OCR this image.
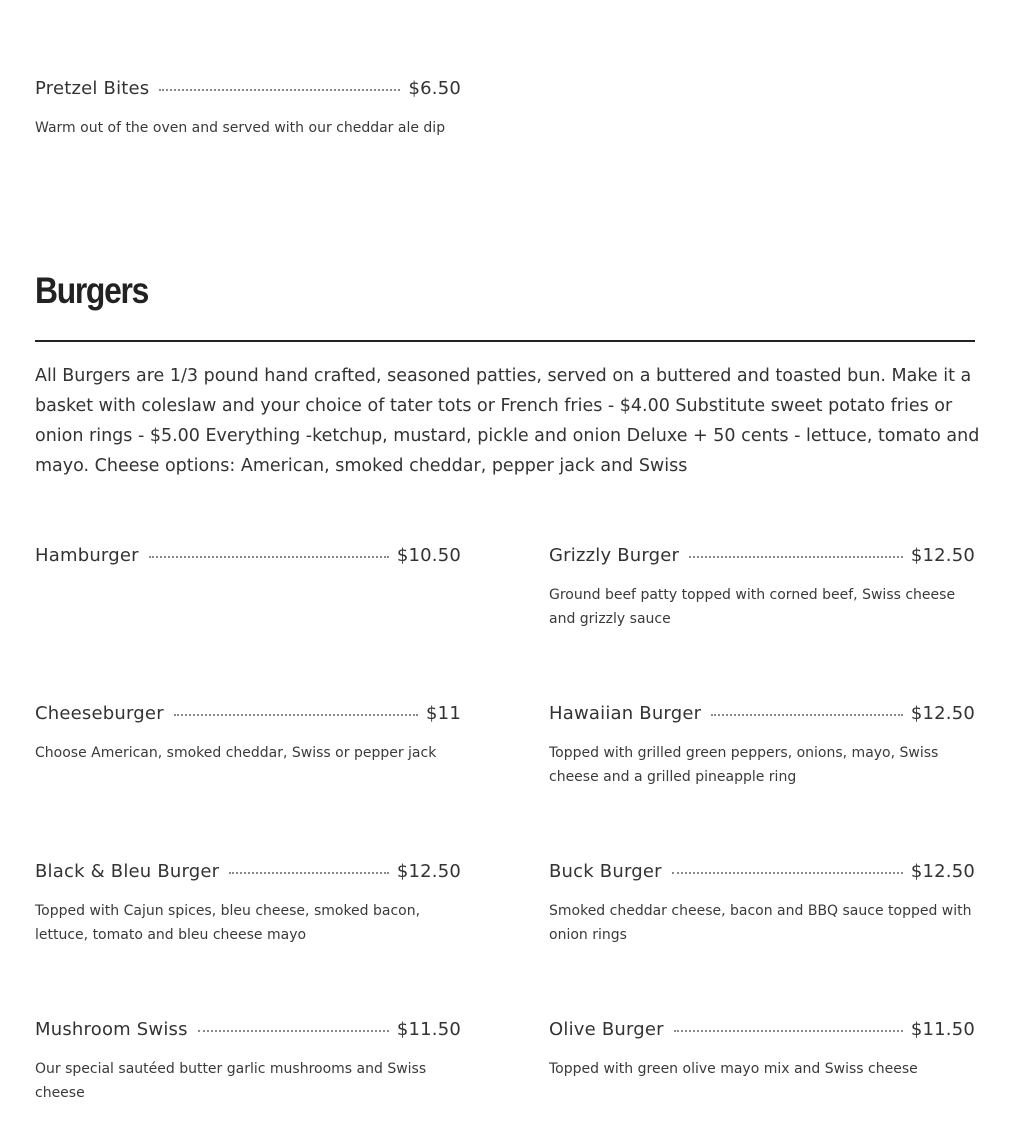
Pretzel Bites	$6.50
Warm out of the oven and served with our cheddar ale dip
Burgers

All Burgers are 1/3 pound hand crafted, seasoned patties, served on a buttered and toasted bun. Make it a basket with coleslaw and your choice of tater tots or French fries - $4.00 Substitute sweet potato fries or onion rings - $5.00 Everything -ketchup, mustard, pickle and onion Deluxe + 50 cents - lettuce, tomato and mayo. Cheese options: American, smoked cheddar, pepper jack and Swiss

Hamburger	$10.50	Grizzly Burger	$12.50
Ground beef patty topped with corned beef, Swiss cheese and grizzly sauce
Cheeseburger	$11
Choose American, smoked cheddar, Swiss or pepper jack
Hawaiian Burger	$12.50
Topped with grilled green peppers, onions, mayo, Swiss cheese and a grilled pineapple ring
Black & Bleu Burger	$12.50
Topped with Cajun spices, bleu cheese, smoked bacon, lettuce, tomato and bleu cheese mayo
Buck Burger	$12.50
Smoked cheddar cheese, bacon and BBQ sauce topped with onion rings
Mushroom Swiss	$11.50
Our special sautéed butter garlic mushrooms and Swiss cheese
Olive Burger	$11.50
Topped with green olive mayo mix and Swiss cheese
